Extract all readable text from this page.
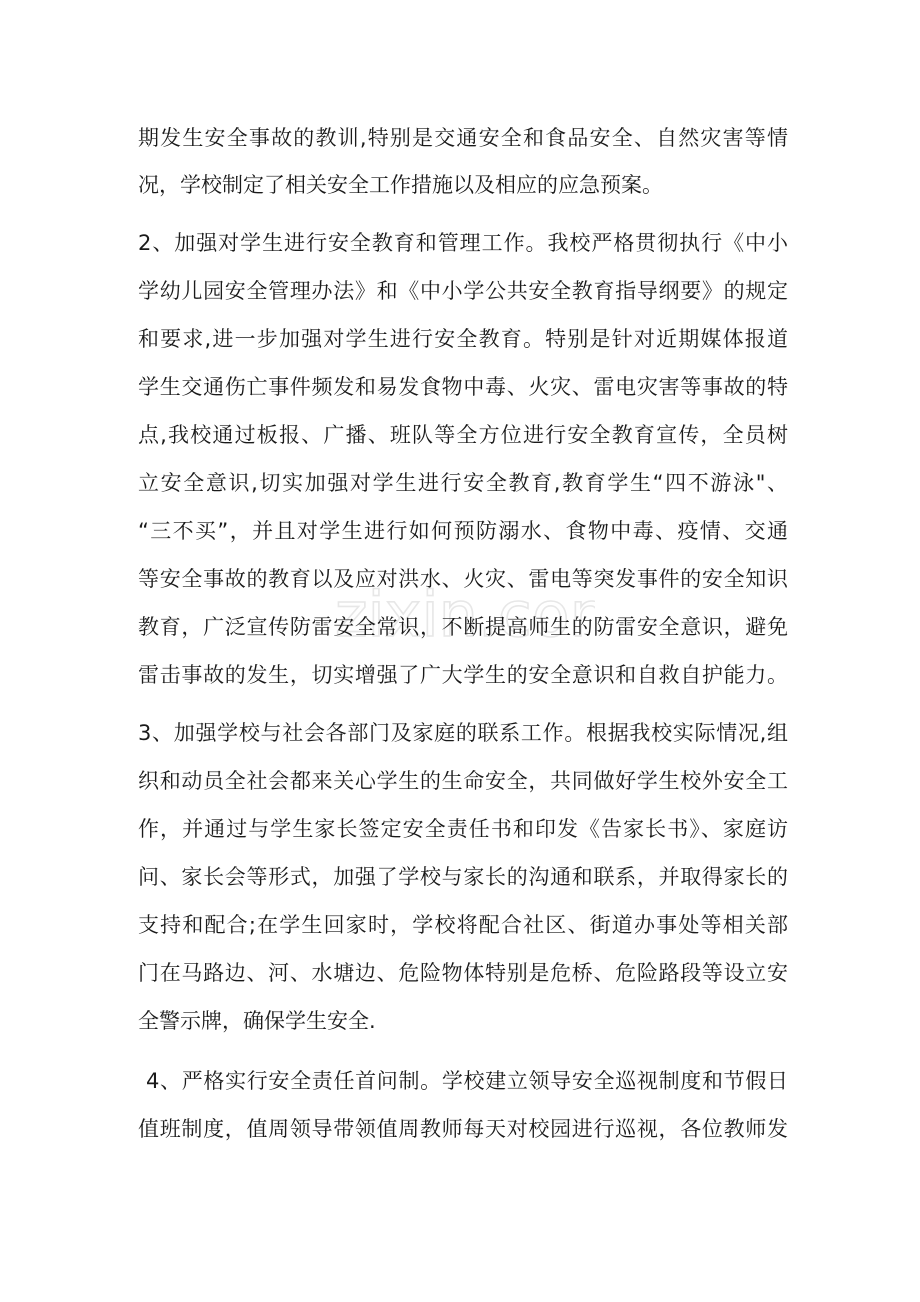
zixin.co
期发生安全事故的教训,特别是交通安全和食品安全、自然灾害等情
况，学校制定了相关安全工作措施以及相应的应急预案。
2、加强对学生进行安全教育和管理工作。我校严格贯彻执行《中小
学幼儿园安全管理办法》和《中小学公共安全教育指导纲要》的规定
和要求,进一步加强对学生进行安全教育。特别是针对近期媒体报道
学生交通伤亡事件频发和易发食物中毒、火灾、雷电灾害等事故的特
点,我校通过板报、广播、班队等全方位进行安全教育宣传，全员树
立安全意识,切实加强对学生进行安全教育,教育学生“四不游泳"、
“三不买”，并且对学生进行如何预防溺水、食物中毒、疫情、交通
等安全事故的教育以及应对洪水、火灾、雷电等突发事件的安全知识
教育，广泛宣传防雷安全常识，不断提高师生的防雷安全意识，避免
雷击事故的发生，切实增强了广大学生的安全意识和自救自护能力。
3、加强学校与社会各部门及家庭的联系工作。根据我校实际情况,组
织和动员全社会都来关心学生的生命安全，共同做好学生校外安全工
作，并通过与学生家长签定安全责任书和印发《告家长书》、家庭访
问、家长会等形式，加强了学校与家长的沟通和联系，并取得家长的
支持和配合;在学生回家时，学校将配合社区、街道办事处等相关部
门在马路边、河、水塘边、危险物体特别是危桥、危险路段等设立安
全警示牌，确保学生安全.
4、严格实行安全责任首问制。学校建立领导安全巡视制度和节假日
值班制度，值周领导带领值周教师每天对校园进行巡视，各位教师发
